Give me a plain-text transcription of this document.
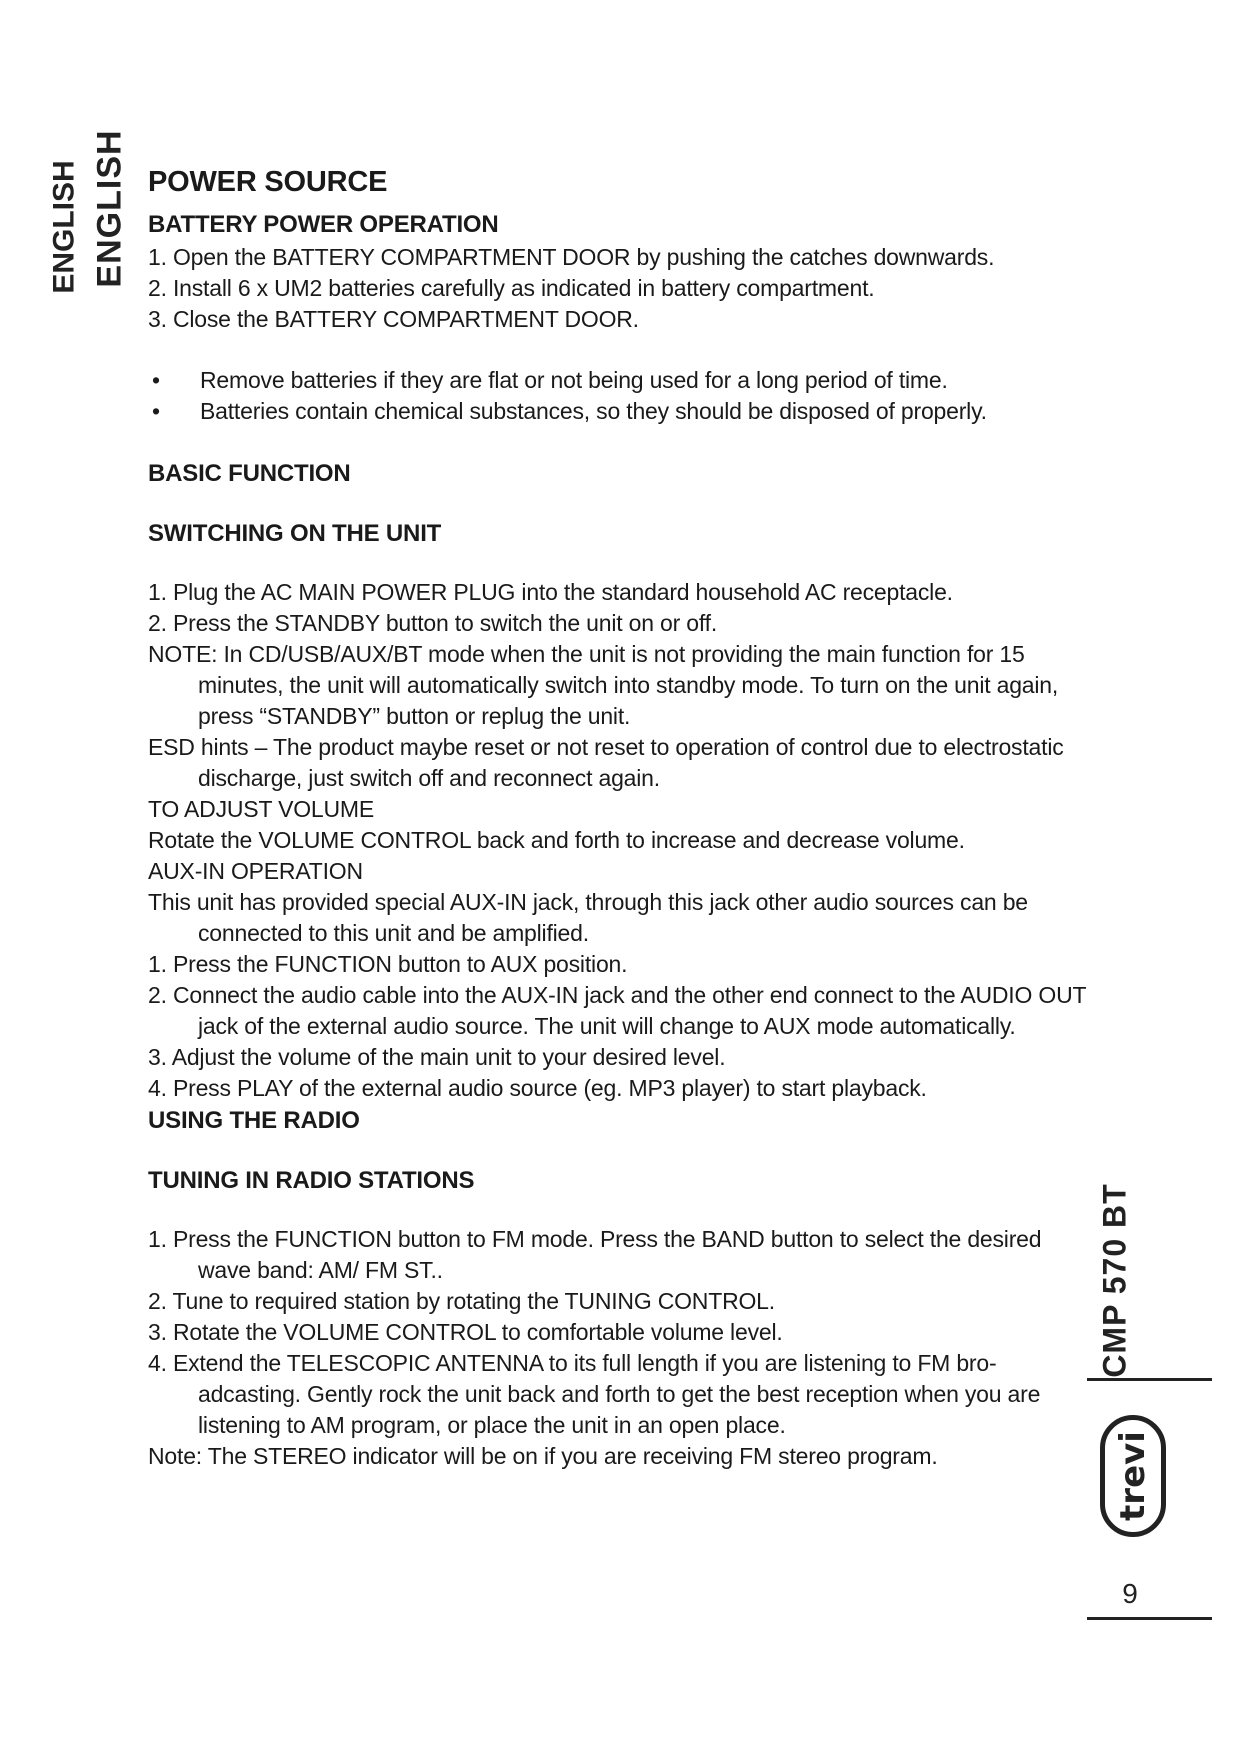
ENGLISH ENGLISH POWER SOURCE
BATTERY POWER OPERATION

1. Open the BATTERY COMPARTMENT DOOR by pushing the catches downwards.

2. Install 6 x UM2 batteries carefully as indicated in battery compartment.

3. Close the BATTERY COMPARTMENT DOOR.

• Remove batteries if they are flat or not being used for a long period of time.

• Batteries contain chemical substances, so they should be disposed of properly.

BASIC FUNCTION
SWITCHING ON THE UNIT

1. Plug the AC MAIN POWER PLUG into the standard household AC receptacle.

2. Press the STANDBY button to switch the unit on or off.

NOTE: In CD/USB/AUX/BT mode when the unit is not providing the main function for 15 minutes, the unit will automatically switch into standby mode. To turn on the unit again, press “STANDBY” button or replug the unit.

ESD hints – The product maybe reset or not reset to operation of control due to electrostatic discharge, just switch off and reconnect again.

TO ADJUST VOLUME

Rotate the VOLUME CONTROL back and forth to increase and decrease volume.

AUX-IN OPERATION

This unit has provided special AUX-IN jack, through this jack other audio sources can be connected to this unit and be amplified.

1. Press the FUNCTION button to AUX position.

2. Connect the audio cable into the AUX-IN jack and the other end connect to the AUDIO OUT jack of the external audio source. The unit will change to AUX mode automatically.

3. Adjust the volume of the main unit to your desired level.

4. Press PLAY of the external audio source (eg. MP3 player) to start playback.

USING THE RADIO
TUNING IN RADIO STATIONS

1. Press the FUNCTION button to FM mode. Press the BAND button to select the desired wave band: AM/ FM ST..

2. Tune to required station by rotating the TUNING CONTROL.

3. Rotate the VOLUME CONTROL to comfortable volume level.

4. Extend the TELESCOPIC ANTENNA to its full length if you are listening to FM bro-adcasting. Gently rock the unit back and forth to get the best reception when you are listening to AM program, or place the unit in an open place.

Note: The STEREO indicator will be on if you are receiving FM stereo program.

CMP 570 BT
trevi
9
